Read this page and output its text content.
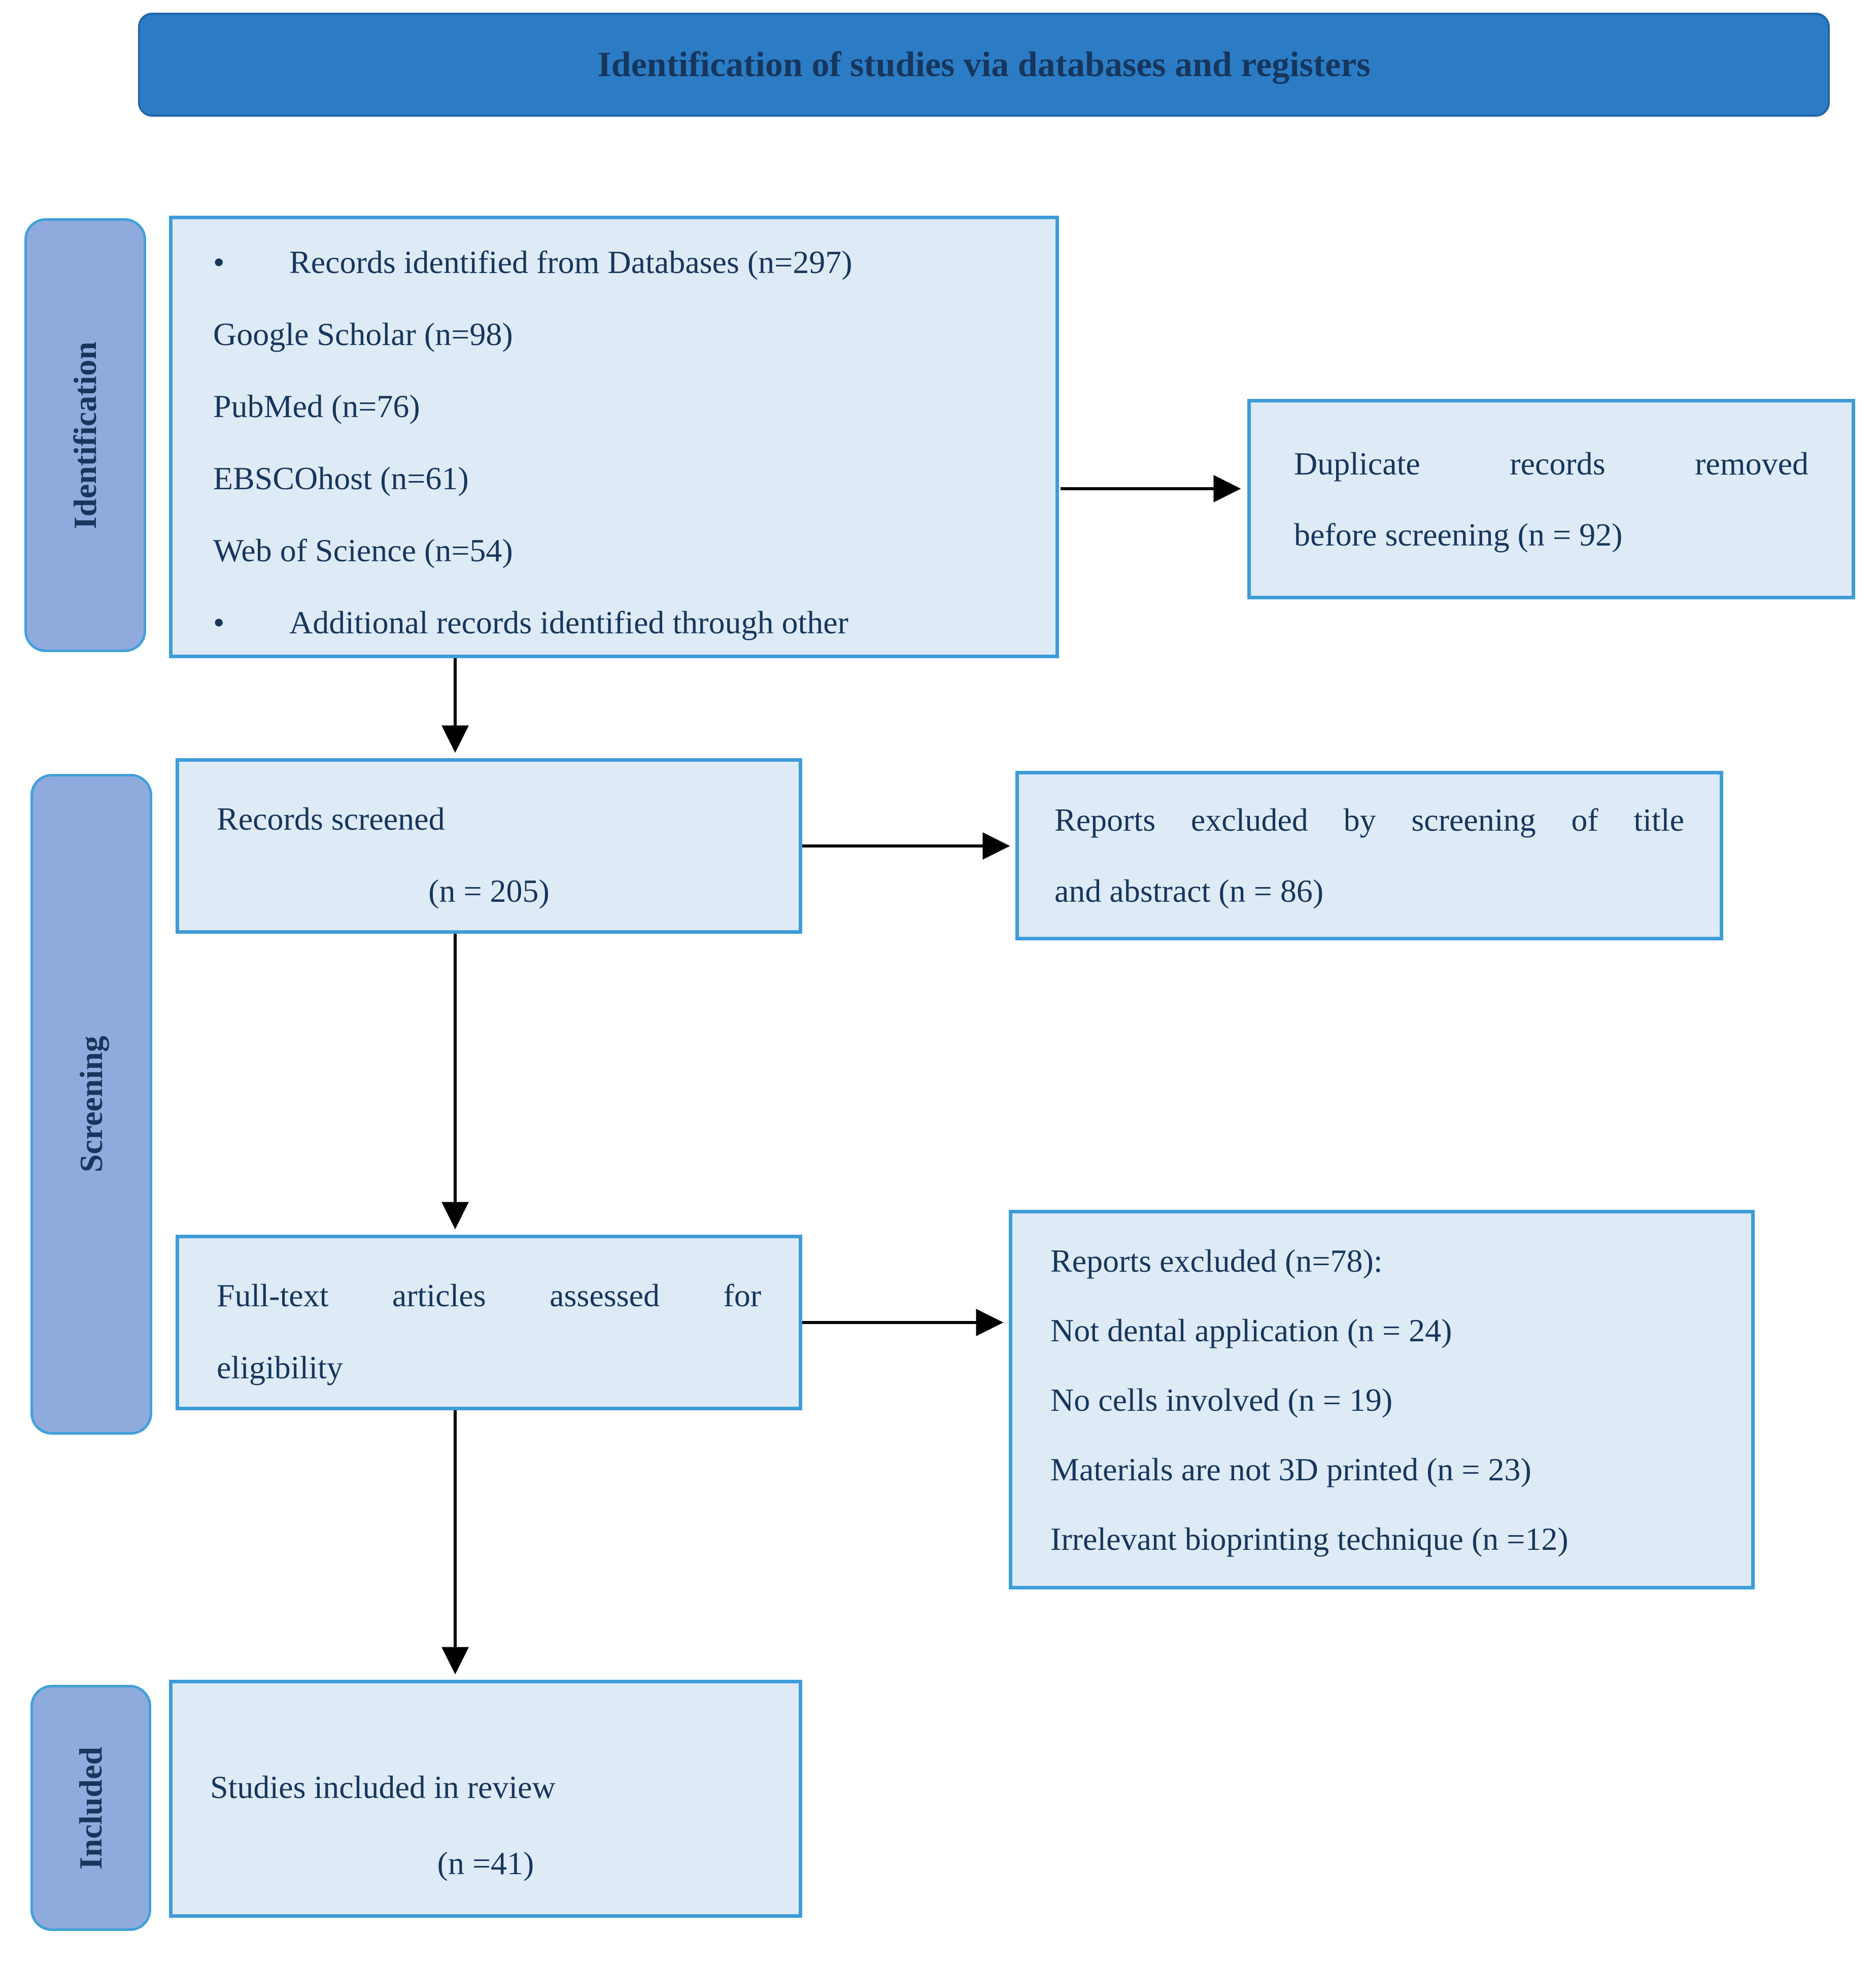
Identification of studies via databases and registers
Identification
Screening
Included
• Records identified from Databases (n=297)
Google Scholar (n=98)
PubMed (n=76)
EBSCOhost (n=61)
Web of Science (n=54)
• Additional records identified through other
Duplicate records removed
before screening (n = 92)
Records screened
(n = 205)
Reports excluded by screening of title
and abstract (n = 86)
Full-text articles assessed for
eligibility
Reports excluded (n=78):
Not dental application (n = 24)
No cells involved (n = 19)
Materials are not 3D printed (n = 23)
Irrelevant bioprinting technique (n =12)
Studies included in review
(n =41)
